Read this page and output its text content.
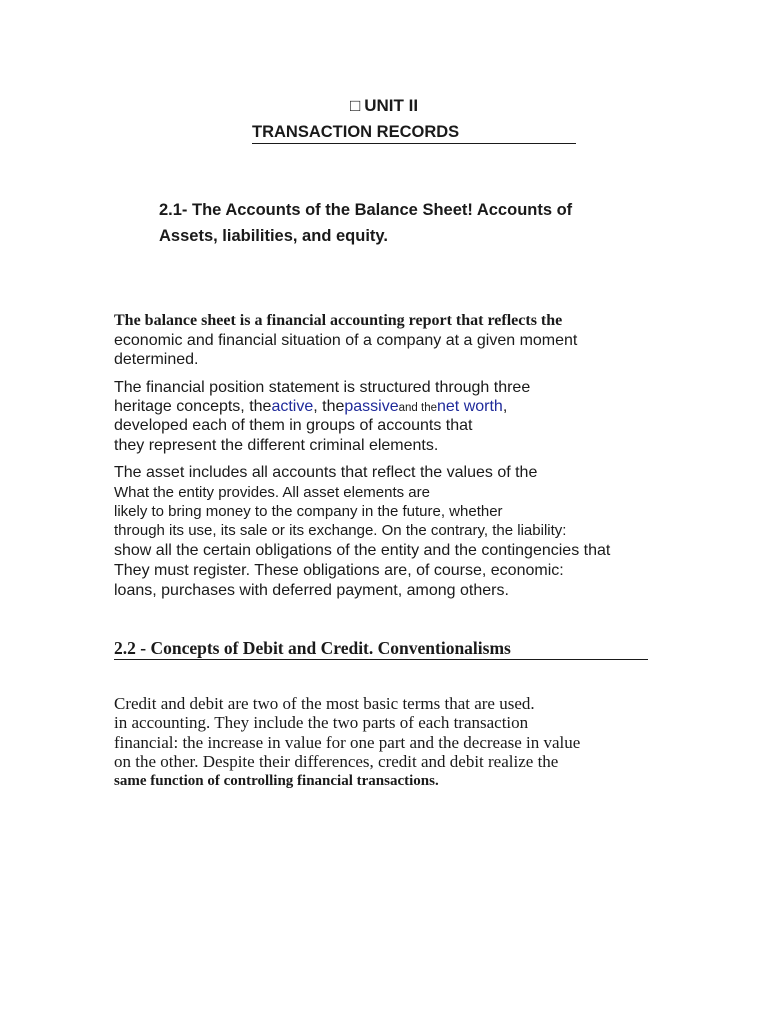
□ UNIT II
TRANSACTION RECORDS
2.1- The Accounts of the Balance Sheet! Accounts of
Assets, liabilities, and equity.
The balance sheet is a financial accounting report that reflects the
economic and financial situation of a company at a given moment
determined.
The financial position statement is structured through three
heritage concepts, theactive, thepassiveand thenet worth,
developed each of them in groups of accounts that
they represent the different criminal elements.
The asset includes all accounts that reflect the values of the
What the entity provides. All asset elements are
likely to bring money to the company in the future, whether
through its use, its sale or its exchange. On the contrary, the liability:
show all the certain obligations of the entity and the contingencies that
They must register. These obligations are, of course, economic:
loans, purchases with deferred payment, among others.
2.2 - Concepts of Debit and Credit. Conventionalisms
Credit and debit are two of the most basic terms that are used.
in accounting. They include the two parts of each transaction
financial: the increase in value for one part and the decrease in value
on the other. Despite their differences, credit and debit realize the
same function of controlling financial transactions.
